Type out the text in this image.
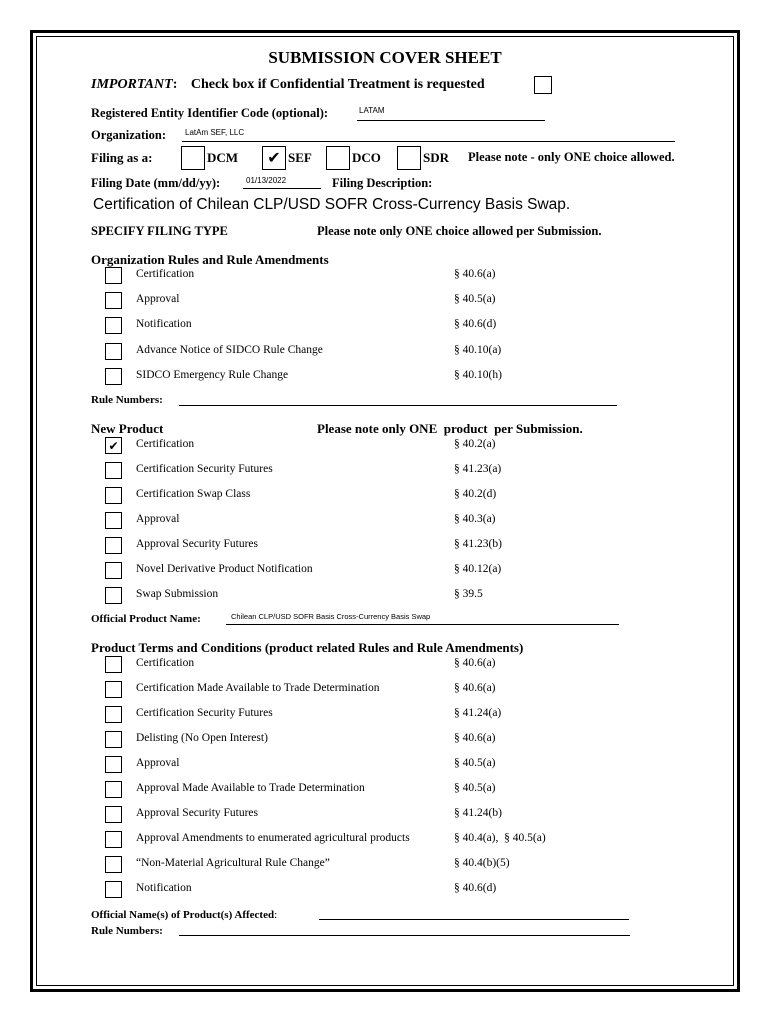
SUBMISSION COVER SHEET
IMPORTANT: Check box if Confidential Treatment is requested
Registered Entity Identifier Code (optional):	LATAM
Organization: LatAm SEF, LLC
Filing as a:	DCM ✔ SEF	DCO	SDR Please note - only ONE choice allowed.
Filing Date (mm/dd/yy):	01/13/2022	Filing Description:
Certification of Chilean CLP/USD SOFR Cross-Currency Basis Swap.
SPECIFY FILING TYPE	Please note only ONE choice allowed per Submission.
Organization Rules and Rule Amendments
Certification	§ 40.6(a)
Approval	§ 40.5(a)
Notification	§ 40.6(d)
Advance Notice of SIDCO Rule Change	§ 40.10(a)
SIDCO Emergency Rule Change	§ 40.10(h)
Rule Numbers:
New Product	Please note only ONE  product  per Submission.
✔ Certification	§ 40.2(a)
Certification Security Futures	§ 41.23(a)
Certification Swap Class	§ 40.2(d)
Approval	§ 40.3(a)
Approval Security Futures	§ 41.23(b)
Novel Derivative Product Notification	§ 40.12(a)
Swap Submission	§ 39.5
Official Product Name:	Chilean CLP/USD SOFR Basis Cross-Currency Basis Swap
Product Terms and Conditions (product related Rules and Rule Amendments)
Certification	§ 40.6(a)
Certification Made Available to Trade Determination	§ 40.6(a)
Certification Security Futures	§ 41.24(a)
Delisting (No Open Interest)	§ 40.6(a)
Approval	§ 40.5(a)
Approval Made Available to Trade Determination	§ 40.5(a)
Approval Security Futures	§ 41.24(b)
Approval Amendments to enumerated agricultural products	§ 40.4(a),  § 40.5(a)
“Non-Material Agricultural Rule Change”	§ 40.4(b)(5)
Notification	§ 40.6(d)
Official Name(s) of Product(s) Affected:
Rule Numbers:
